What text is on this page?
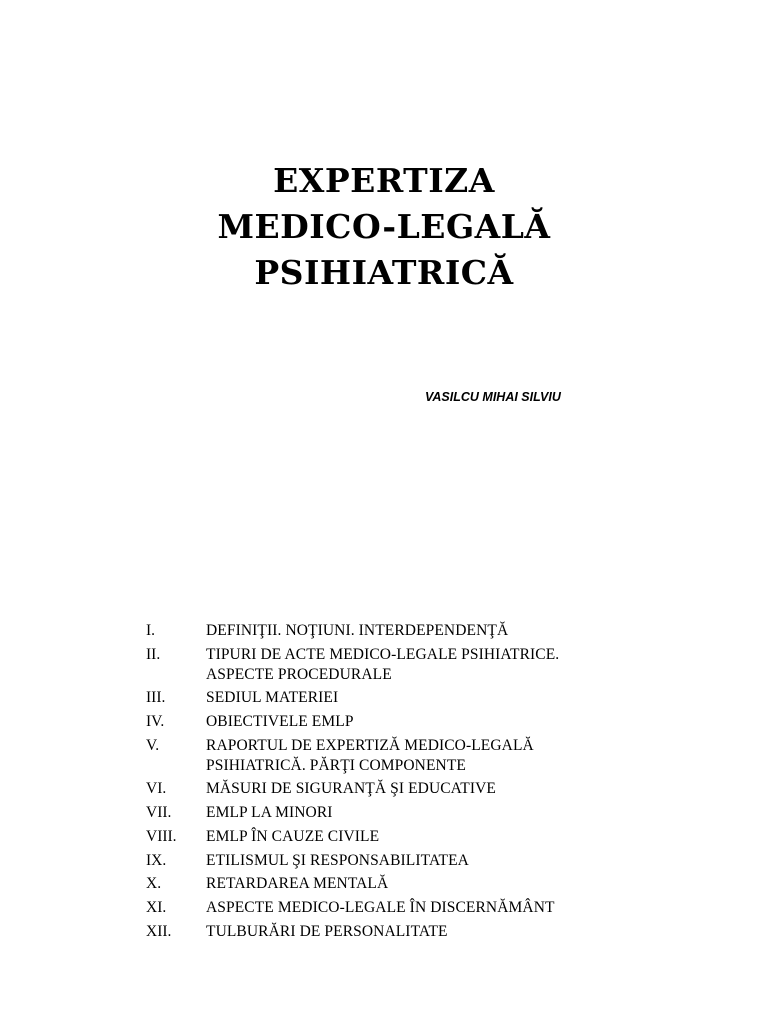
EXPERTIZA
MEDICO-LEGALĂ
PSIHIATRICĂ
VASILCU MIHAI SILVIU
I.	DEFINIŢII. NOŢIUNI. INTERDEPENDENŢĂ
II.	TIPURI DE ACTE MEDICO-LEGALE PSIHIATRICE.
ASPECTE PROCEDURALE
III.	SEDIUL MATERIEI
IV.	OBIECTIVELE EMLP
V.	RAPORTUL DE EXPERTIZĂ MEDICO-LEGALĂ
PSIHIATRICĂ. PĂRŢI COMPONENTE
VI.	MĂSURI DE SIGURANŢĂ ŞI EDUCATIVE
VII.	EMLP LA MINORI
VIII.	EMLP ÎN CAUZE CIVILE
IX.	ETILISMUL ŞI RESPONSABILITATEA
X.	RETARDAREA MENTALĂ
XI.	ASPECTE MEDICO-LEGALE ÎN DISCERNĂMÂNT
XII.	TULBURĂRI DE PERSONALITATE
